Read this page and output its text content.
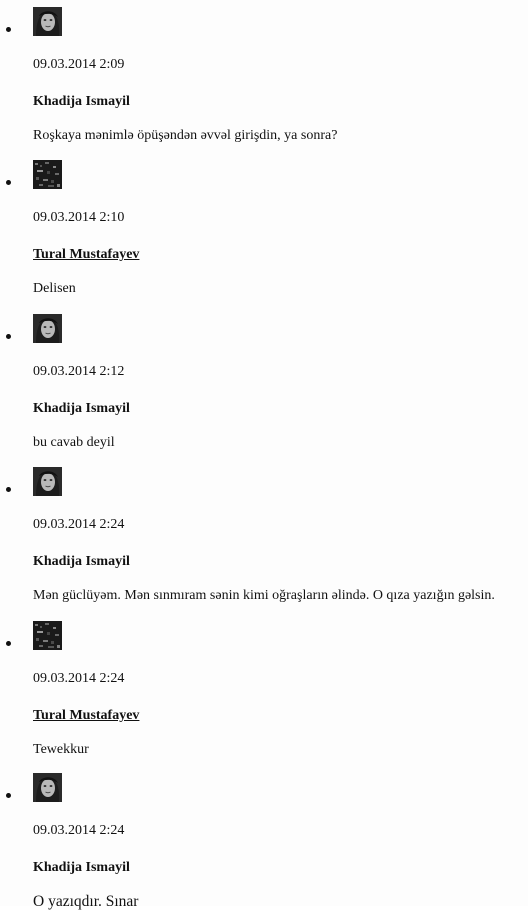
09.03.2014 2:09
Khadija Ismayil
Roşkaya mənimlə öpüşəndən əvvəl girişdin, ya sonra?
09.03.2014 2:10
Tural Mustafayev
Delisen
09.03.2014 2:12
Khadija Ismayil
bu cavab deyil
09.03.2014 2:24
Khadija Ismayil
Mən güclüyəm. Mən sınmıram sənin kimi oğraşların əlində. O qıza yazığın gəlsin.
09.03.2014 2:24
Tural Mustafayev
Tewekkur
09.03.2014 2:24
Khadija Ismayil
O yazıqdır. Sınar
